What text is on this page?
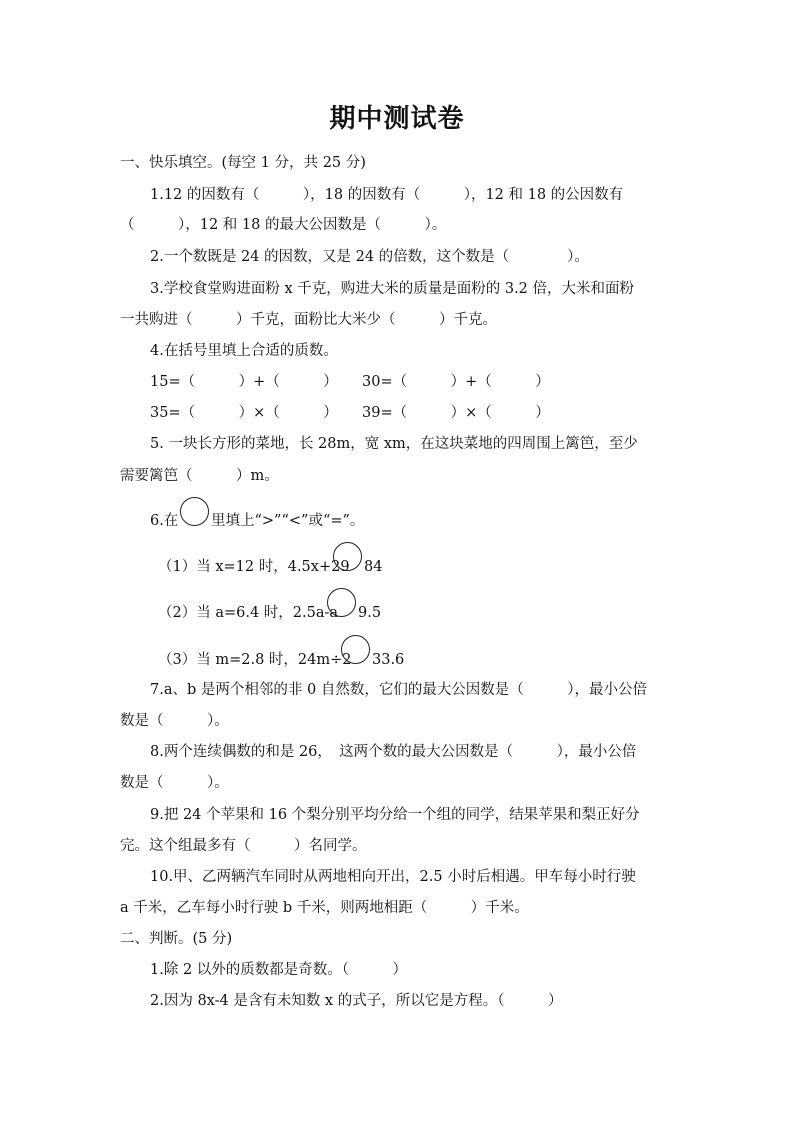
期中测试卷
一、快乐填空。(每空 1 分，共 25 分)
1.12 的因数有（　　　），18 的因数有（　　　），12 和 18 的公因数有
（　　　），12 和 18 的最大公因数是（　　　）。
2.一个数既是 24 的因数，又是 24 的倍数，这个数是（　　　　）。
3.学校食堂购进面粉 x 千克，购进大米的质量是面粉的 3.2 倍，大米和面粉
一共购进（　　　）千克，面粉比大米少（　　　）千克。
4.在括号里填上合适的质数。
15=（　　　）+（　　　） 30=（　　　）+（　　　）
35=（　　　）×（　　　） 39=（　　　）×（　　　）
5. 一块长方形的菜地，长 28m，宽 xm，在这块菜地的四周围上篱笆，至少
需要篱笆（　　　）m。
6.在 里填上“>”“<”或“=”。
（1）当 x=12 时，4.5x+29 84
（2）当 a=6.4 时，2.5a-a 9.5
（3）当 m=2.8 时，24m÷2 33.6
7.a、b 是两个相邻的非 0 自然数，它们的最大公因数是（　　　），最小公倍
数是（　　　）。
8.两个连续偶数的和是 26，　这两个数的最大公因数是（　　　），最小公倍
数是（　　　）。
9.把 24 个苹果和 16 个梨分别平均分给一个组的同学，结果苹果和梨正好分
完。这个组最多有（　　　）名同学。
10.甲、乙两辆汽车同时从两地相向开出，2.5 小时后相遇。甲车每小时行驶
a 千米，乙车每小时行驶 b 千米，则两地相距（　　　）千米。
二、判断。(5 分)
1.除 2 以外的质数都是奇数。（　　　）
2.因为 8x-4 是含有未知数 x 的式子，所以它是方程。（　　　）
